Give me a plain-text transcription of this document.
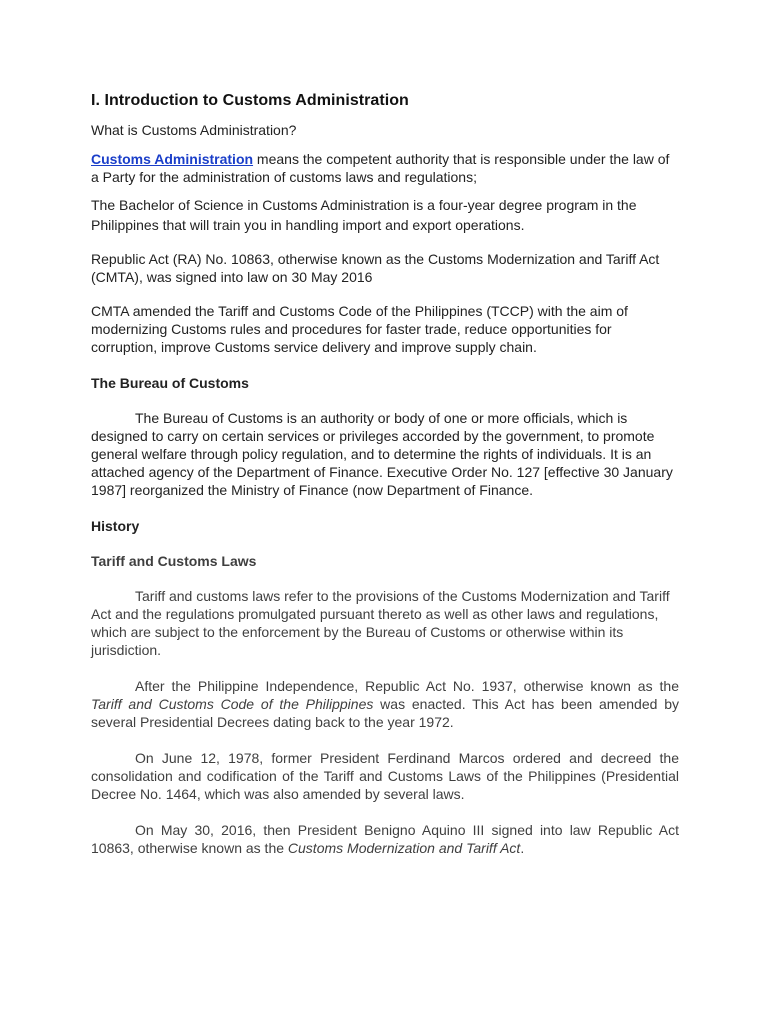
I. Introduction to Customs Administration

What is Customs Administration?

Customs Administration means the competent authority that is responsible under the law of a Party for the administration of customs laws and regulations;

The Bachelor of Science in Customs Administration is a four-year degree program in the Philippines that will train you in handling import and export operations.

Republic Act (RA) No. 10863, otherwise known as the Customs Modernization and Tariff Act (CMTA), was signed into law on 30 May 2016

CMTA amended the Tariff and Customs Code of the Philippines (TCCP) with the aim of modernizing Customs rules and procedures for faster trade, reduce opportunities for corruption, improve Customs service delivery and improve supply chain.

The Bureau of Customs

The Bureau of Customs is an authority or body of one or more officials, which is designed to carry on certain services or privileges accorded by the government, to promote general welfare through policy regulation, and to determine the rights of individuals. It is an attached agency of the Department of Finance. Executive Order No. 127 [effective 30 January 1987] reorganized the Ministry of Finance (now Department of Finance.

History

Tariff and Customs Laws

Tariff and customs laws refer to the provisions of the Customs Modernization and Tariff Act and the regulations promulgated pursuant thereto as well as other laws and regulations, which are subject to the enforcement by the Bureau of Customs or otherwise within its jurisdiction.

After the Philippine Independence, Republic Act No. 1937, otherwise known as the Tariff and Customs Code of the Philippines was enacted. This Act has been amended by several Presidential Decrees dating back to the year 1972.

On June 12, 1978, former President Ferdinand Marcos ordered and decreed the consolidation and codification of the Tariff and Customs Laws of the Philippines (Presidential Decree No. 1464, which was also amended by several laws.

On May 30, 2016, then President Benigno Aquino III signed into law Republic Act 10863, otherwise known as the Customs Modernization and Tariff Act.
